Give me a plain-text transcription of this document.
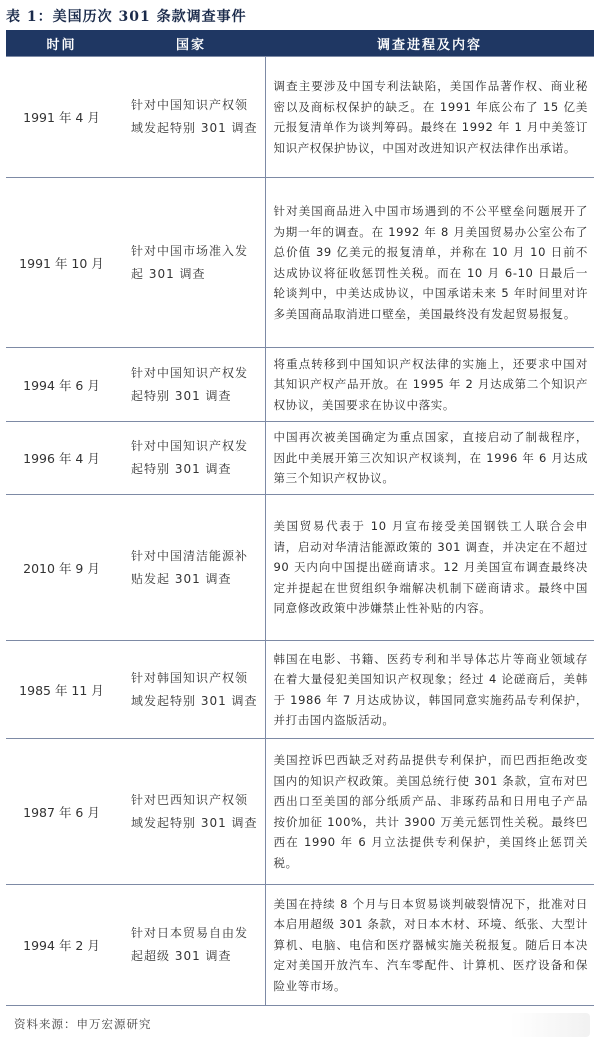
表 1：美国历次 301 条款调查事件
时间	国家	调查进程及内容
1991 年 4 月	针对中国知识产权领域发起特别 301 调查	调查主要涉及中国专利法缺陷，美国作品著作权、商业秘密以及商标权保护的缺乏。在 1991 年底公布了 15 亿美元报复清单作为谈判筹码。最终在 1992 年 1 月中美签订知识产权保护协议，中国对改进知识产权法律作出承诺。
1991 年 10 月	针对中国市场准入发起 301 调查	针对美国商品进入中国市场遇到的不公平壁垒问题展开了为期一年的调查。在 1992 年 8 月美国贸易办公室公布了总价值 39 亿美元的报复清单，并称在 10 月 10 日前不达成协议将征收惩罚性关税。而在 10 月 6-10 日最后一轮谈判中，中美达成协议，中国承诺未来 5 年时间里对许多美国商品取消进口壁垒，美国最终没有发起贸易报复。
1994 年 6 月	针对中国知识产权发起特别 301 调查	将重点转移到中国知识产权法律的实施上，还要求中国对其知识产权产品开放。在 1995 年 2 月达成第二个知识产权协议，美国要求在协议中落实。
1996 年 4 月	针对中国知识产权发起特别 301 调查	中国再次被美国确定为重点国家，直接启动了制裁程序，因此中美展开第三次知识产权谈判，在 1996 年 6 月达成第三个知识产权协议。
2010 年 9 月	针对中国清洁能源补贴发起 301 调查	美国贸易代表于 10 月宣布接受美国钢铁工人联合会申请，启动对华清洁能源政策的 301 调查，并决定在不超过 90 天内向中国提出磋商请求。12 月美国宣布调查最终决定并提起在世贸组织争端解决机制下磋商请求。最终中国同意修改政策中涉嫌禁止性补贴的内容。
1985 年 11 月	针对韩国知识产权领域发起特别 301 调查	韩国在电影、书籍、医药专利和半导体芯片等商业领域存在着大量侵犯美国知识产权现象；经过 4 论磋商后，美韩于 1986 年 7 月达成协议，韩国同意实施药品专利保护，并打击国内盗版活动。
1987 年 6 月	针对巴西知识产权领域发起特别 301 调查	美国控诉巴西缺乏对药品提供专利保护，而巴西拒绝改变国内的知识产权政策。美国总统行使 301 条款，宣布对巴西出口至美国的部分纸质产品、非琢药品和日用电子产品按价加征 100%，共计 3900 万美元惩罚性关税。最终巴西在 1990 年 6 月立法提供专利保护，美国终止惩罚关税。
1994 年 2 月	针对日本贸易自由发起超级 301 调查	美国在持续 8 个月与日本贸易谈判破裂情况下，批准对日本启用超级 301 条款，对日本木材、环境、纸张、大型计算机、电脑、电信和医疗器械实施关税报复。随后日本决定对美国开放汽车、汽车零配件、计算机、医疗设备和保险业等市场。
资料来源：申万宏源研究
